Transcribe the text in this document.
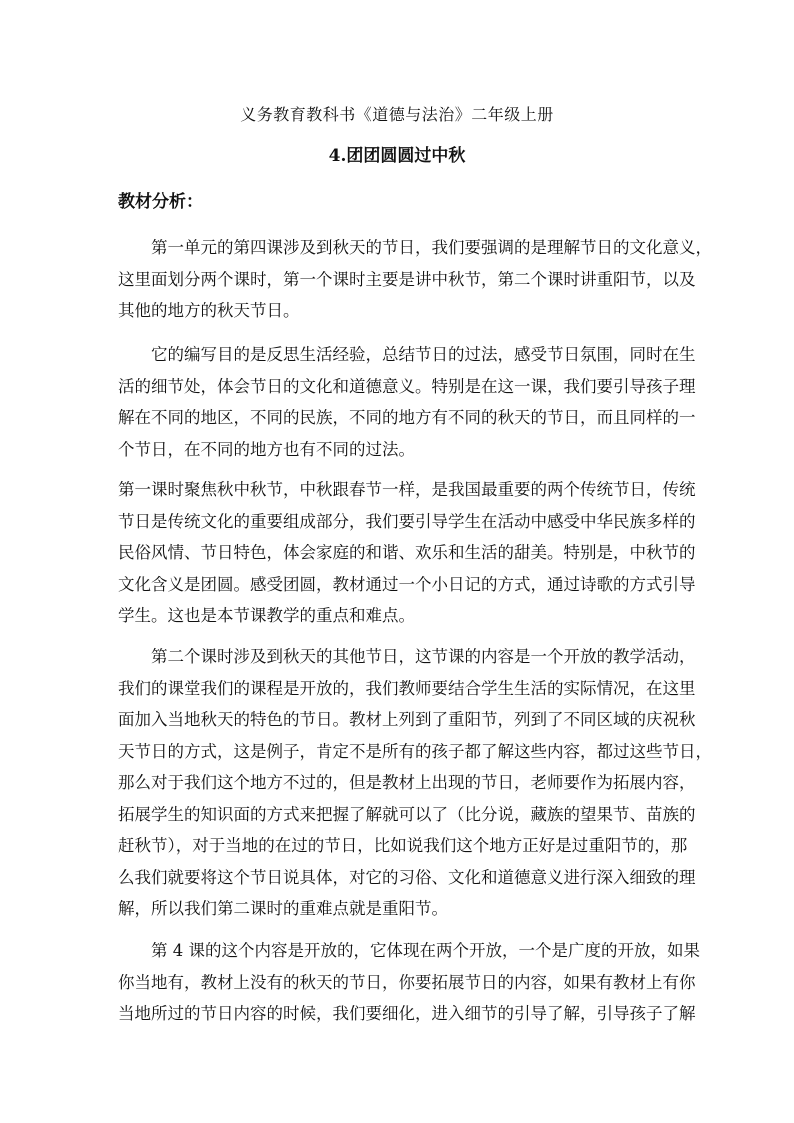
义务教育教科书《道德与法治》二年级上册
4.团团圆圆过中秋
教材分析：
　　第一单元的第四课涉及到秋天的节日，我们要强调的是理解节日的文化意义，
这里面划分两个课时，第一个课时主要是讲中秋节，第二个课时讲重阳节，以及
其他的地方的秋天节日。
　　它的编写目的是反思生活经验，总结节日的过法，感受节日氛围，同时在生
活的细节处，体会节日的文化和道德意义。特别是在这一课，我们要引导孩子理
解在不同的地区，不同的民族，不同的地方有不同的秋天的节日，而且同样的一
个节日，在不同的地方也有不同的过法。
第一课时聚焦秋中秋节，中秋跟春节一样，是我国最重要的两个传统节日，传统
节日是传统文化的重要组成部分，我们要引导学生在活动中感受中华民族多样的
民俗风情、节日特色，体会家庭的和谐、欢乐和生活的甜美。特别是，中秋节的
文化含义是团圆。感受团圆，教材通过一个小日记的方式，通过诗歌的方式引导
学生。这也是本节课教学的重点和难点。
　　第二个课时涉及到秋天的其他节日，这节课的内容是一个开放的教学活动，
我们的课堂我们的课程是开放的，我们教师要结合学生生活的实际情况，在这里
面加入当地秋天的特色的节日。教材上列到了重阳节，列到了不同区域的庆祝秋
天节日的方式，这是例子，肯定不是所有的孩子都了解这些内容，都过这些节日，
那么对于我们这个地方不过的，但是教材上出现的节日，老师要作为拓展内容，
拓展学生的知识面的方式来把握了解就可以了（比分说，藏族的望果节、苗族的
赶秋节），对于当地的在过的节日，比如说我们这个地方正好是过重阳节的，那
么我们就要将这个节日说具体，对它的习俗、文化和道德意义进行深入细致的理
解，所以我们第二课时的重难点就是重阳节。
　　第 4 课的这个内容是开放的，它体现在两个开放，一个是广度的开放，如果
你当地有，教材上没有的秋天的节日，你要拓展节日的内容，如果有教材上有你
当地所过的节日内容的时候，我们要细化，进入细节的引导了解，引导孩子了解
